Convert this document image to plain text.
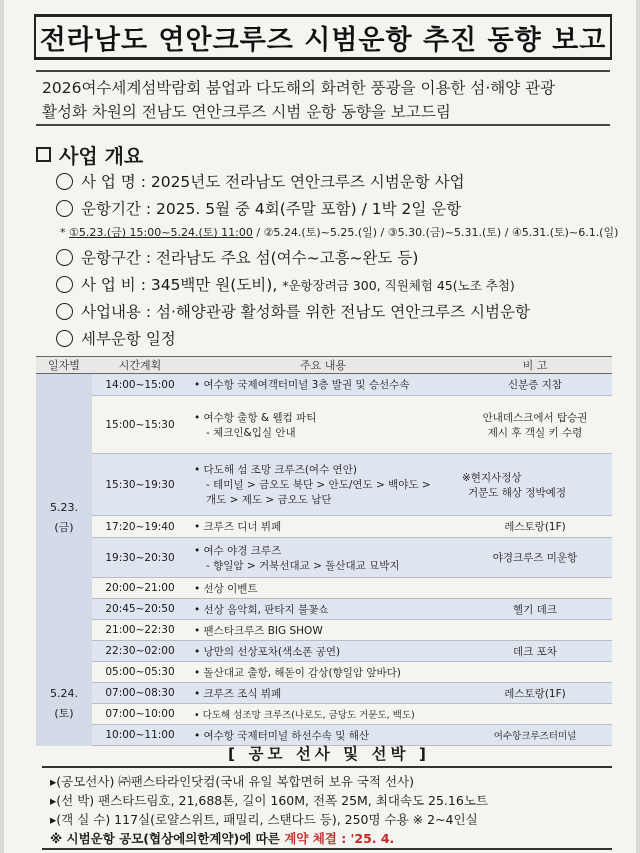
전라남도 연안크루즈 시범운항 추진 동향 보고
2026여수세계섬박람회 붐업과 다도해의 화려한 풍광을 이용한 섬·해양 관광
활성화 차원의 전남도 연안크루즈 시범 운항 동향을 보고드림
사업 개요
사 업 명 : 2025년도 전라남도 연안크루즈 시범운항 사업
운항기간 : 2025. 5월 중 4회(주말 포함) / 1박 2일 운항
* ①5.23.(금) 15:00~5.24.(토) 11:00 / ②5.24.(토)~5.25.(일) / ③5.30.(금)~5.31.(토) / ④5.31.(토)~6.1.(일)
운항구간 : 전라남도 주요 섬(여수~고흥~완도 등)
사 업 비 : 345백만 원(도비), *운항장려금 300, 직원체험 45(노조 추첨)
사업내용 : 섬·해양관광 활성화를 위한 전남도 연안크루즈 시범운항
세부운항 일정
일자별	시간계획	주요 내용	비 고
5.23.
(금)	14:00~15:00	• 여수항 국제여객터미널 3층 발권 및 승선수속	신분증 지참
	15:00~15:30	• 여수항 출항 & 웰컴 파티
- 체크인&입실 안내	안내데스크에서 탑승권
제시 후 객실 키 수령
	15:30~19:30	• 다도해 섬 조망 크루즈(여수 연안)
- 테미널 > 금오도 북단 > 안도/연도 > 백야도 >
개도 > 제도 > 금오도 남단	※현지사정상
거문도 해상 정박예정
	17:20~19:40	• 크루즈 디너 뷔페	레스토랑(1F)
	19:30~20:30	• 여수 야경 크루즈
- 향일암 > 거북선대교 > 돌산대교 묘박지	야경크루즈 미운항
	20:00~21:00	• 선상 이벤트	
	20:45~20:50	• 선상 음악회, 판타지 불꽃쇼	헬기 데크
	21:00~22:30	• 팬스타크루즈 BIG SHOW	
	22:30~02:00	• 낭만의 선상포차(색소폰 공연)	데크 포차
5.24.
(토)	05:00~05:30	• 돌산대교 출항, 해돋이 감상(향일암 앞바다)	
	07:00~08:30	• 크루즈 조식 뷔페	레스토랑(1F)
	07:00~10:00	• 다도해 섬조망 크루즈(나로도, 금당도 거문도, 백도)	
	10:00~11:00	• 여수항 국제터미널 하선수속 및 해산	여수항크루즈터미널
[ 공모 선사 및 선박 ]
▸(공모선사) ㈜팬스타라인닷컴(국내 유일 복합면허 보유 국적 선사)
▸(선 박) 팬스타드림호, 21,688톤, 길이 160M, 전폭 25M, 최대속도 25.16노트
▸(객 실 수) 117실(로얄스위트, 패밀리, 스탠다드 등), 250명 수용 ※ 2~4인실
※ 시범운항 공모(협상에의한계약)에 따른 계약 체결 : '25. 4.
